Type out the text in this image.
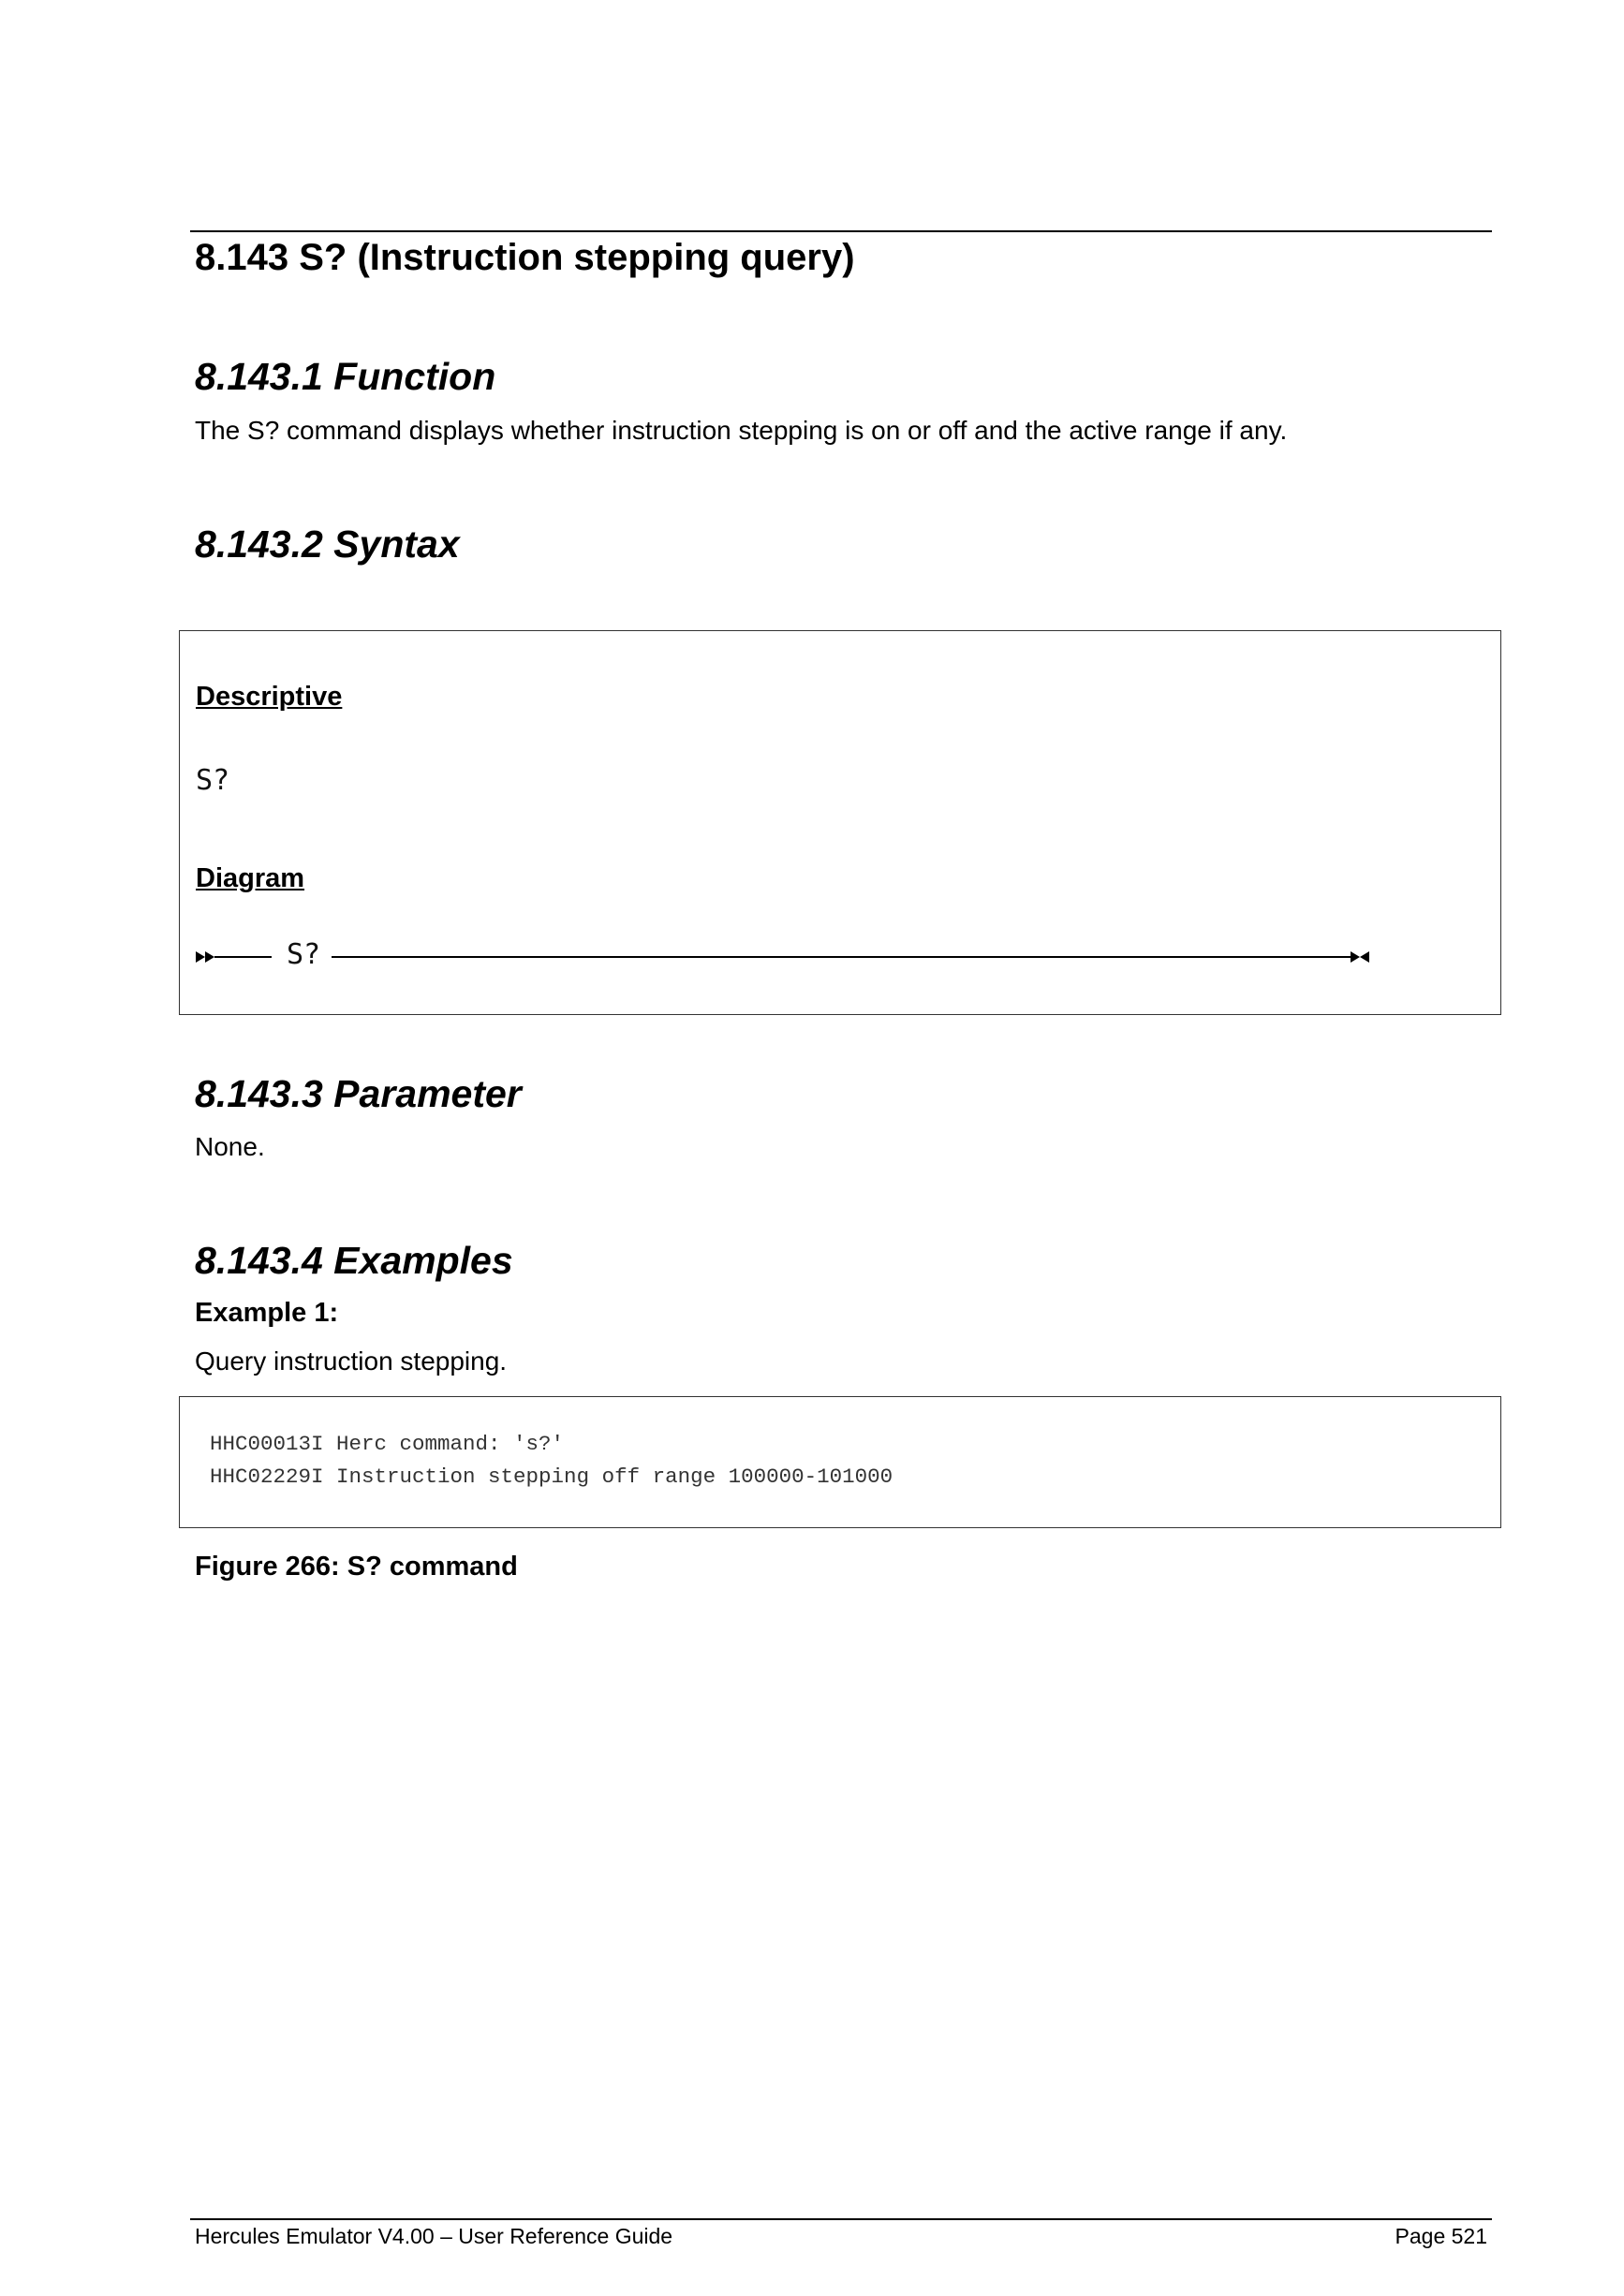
8.143 S? (Instruction stepping query)
8.143.1 Function
The S? command displays whether instruction stepping is on or off and the active range if any.
8.143.2 Syntax
Descriptive
S?
Diagram
S?
8.143.3 Parameter
None.
8.143.4 Examples
Example 1:
Query instruction stepping.
HHC00013I Herc command: 's?'
HHC02229I Instruction stepping off range 100000-101000
Figure 266: S? command
Hercules Emulator V4.00 – User Reference Guide	Page 521
